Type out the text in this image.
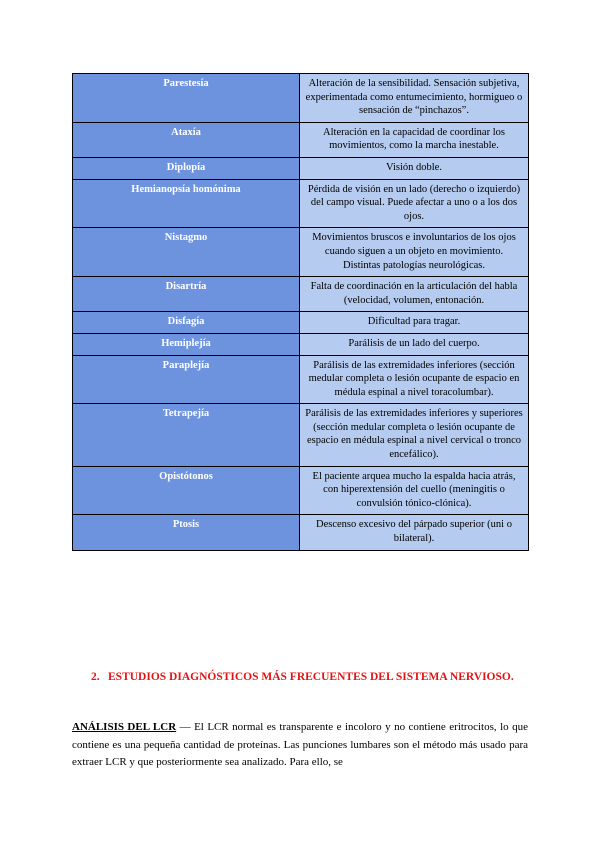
Parestesía	Alteración de la sensibilidad. Sensación subjetiva, experimentada como entumecimiento, hormigueo o sensación de “pinchazos”.
Ataxía	Alteración en la capacidad de coordinar los movimientos, como la marcha inestable.
Diplopía	Visión doble.
Hemianopsía homónima	Pérdida de visión en un lado (derecho o izquierdo) del campo visual. Puede afectar a uno o a los dos ojos.
Nistagmo	Movimientos bruscos e involuntarios de los ojos cuando siguen a un objeto en movimiento. Distintas patologías neurológicas.
Disartría	Falta de coordinación en la articulación del habla (velocidad, volumen, entonación.
Disfagía	Dificultad para tragar.
Hemiplejía	Parálisis de un lado del cuerpo.
Paraplejía	Parálisis de las extremidades inferiores (sección medular completa o lesión ocupante de espacio en médula espinal a nivel toracolumbar).
Tetrapejía	Parálisis de las extremidades inferiores y superiores (sección medular completa o lesión ocupante de espacio en médula espinal a nivel cervical o tronco encefálico).
Opistótonos	El paciente arquea mucho la espalda hacia atrás, con hiperextensión del cuello (meningitis o convulsión tónico-clónica).
Ptosis	Descenso excesivo del párpado superior (uni o bilateral).
2. ESTUDIOS DIAGNÓSTICOS MÁS FRECUENTES DEL SISTEMA NERVIOSO.

ANÁLISIS DEL LCR — El LCR normal es transparente e incoloro y no contiene eritrocitos, lo que contiene es una pequeña cantidad de proteínas. Las punciones lumbares son el método más usado para extraer LCR y que posteriormente sea analizado. Para ello, se
